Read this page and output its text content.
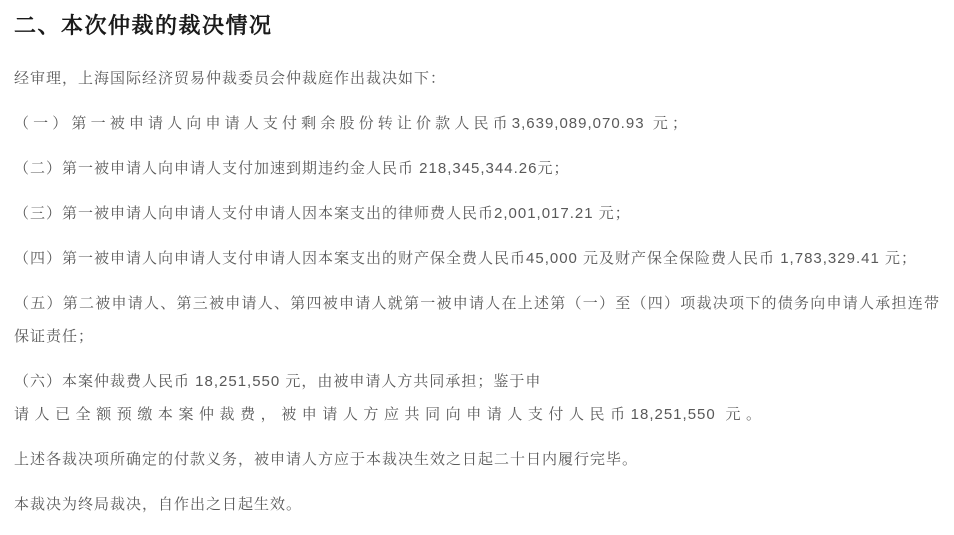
二、本次仲裁的裁决情况

经审理，上海国际经济贸易仲裁委员会仲裁庭作出裁决如下：

（一）第一被申请人向申请人支付剩余股份转让价款人民币3,639,089,070.93 元；

（二）第一被申请人向申请人支付加速到期违约金人民币 218,345,344.26元；

（三）第一被申请人向申请人支付申请人因本案支出的律师费人民币2,001,017.21 元；

（四）第一被申请人向申请人支付申请人因本案支出的财产保全费人民币45,000 元及财产保全保险费人民币 1,783,329.41 元；

（五）第二被申请人、第三被申请人、第四被申请人就第一被申请人在上述第（一）至（四）项裁决项下的债务向申请人承担连带
保证责任；

（六）本案仲裁费人民币 18,251,550 元，由被申请人方共同承担；鉴于申
请人已全额预缴本案仲裁费，被申请人方应共同向申请人支付人民币18,251,550 元。

上述各裁决项所确定的付款义务，被申请人方应于本裁决生效之日起二十日内履行完毕。

本裁决为终局裁决，自作出之日起生效。
